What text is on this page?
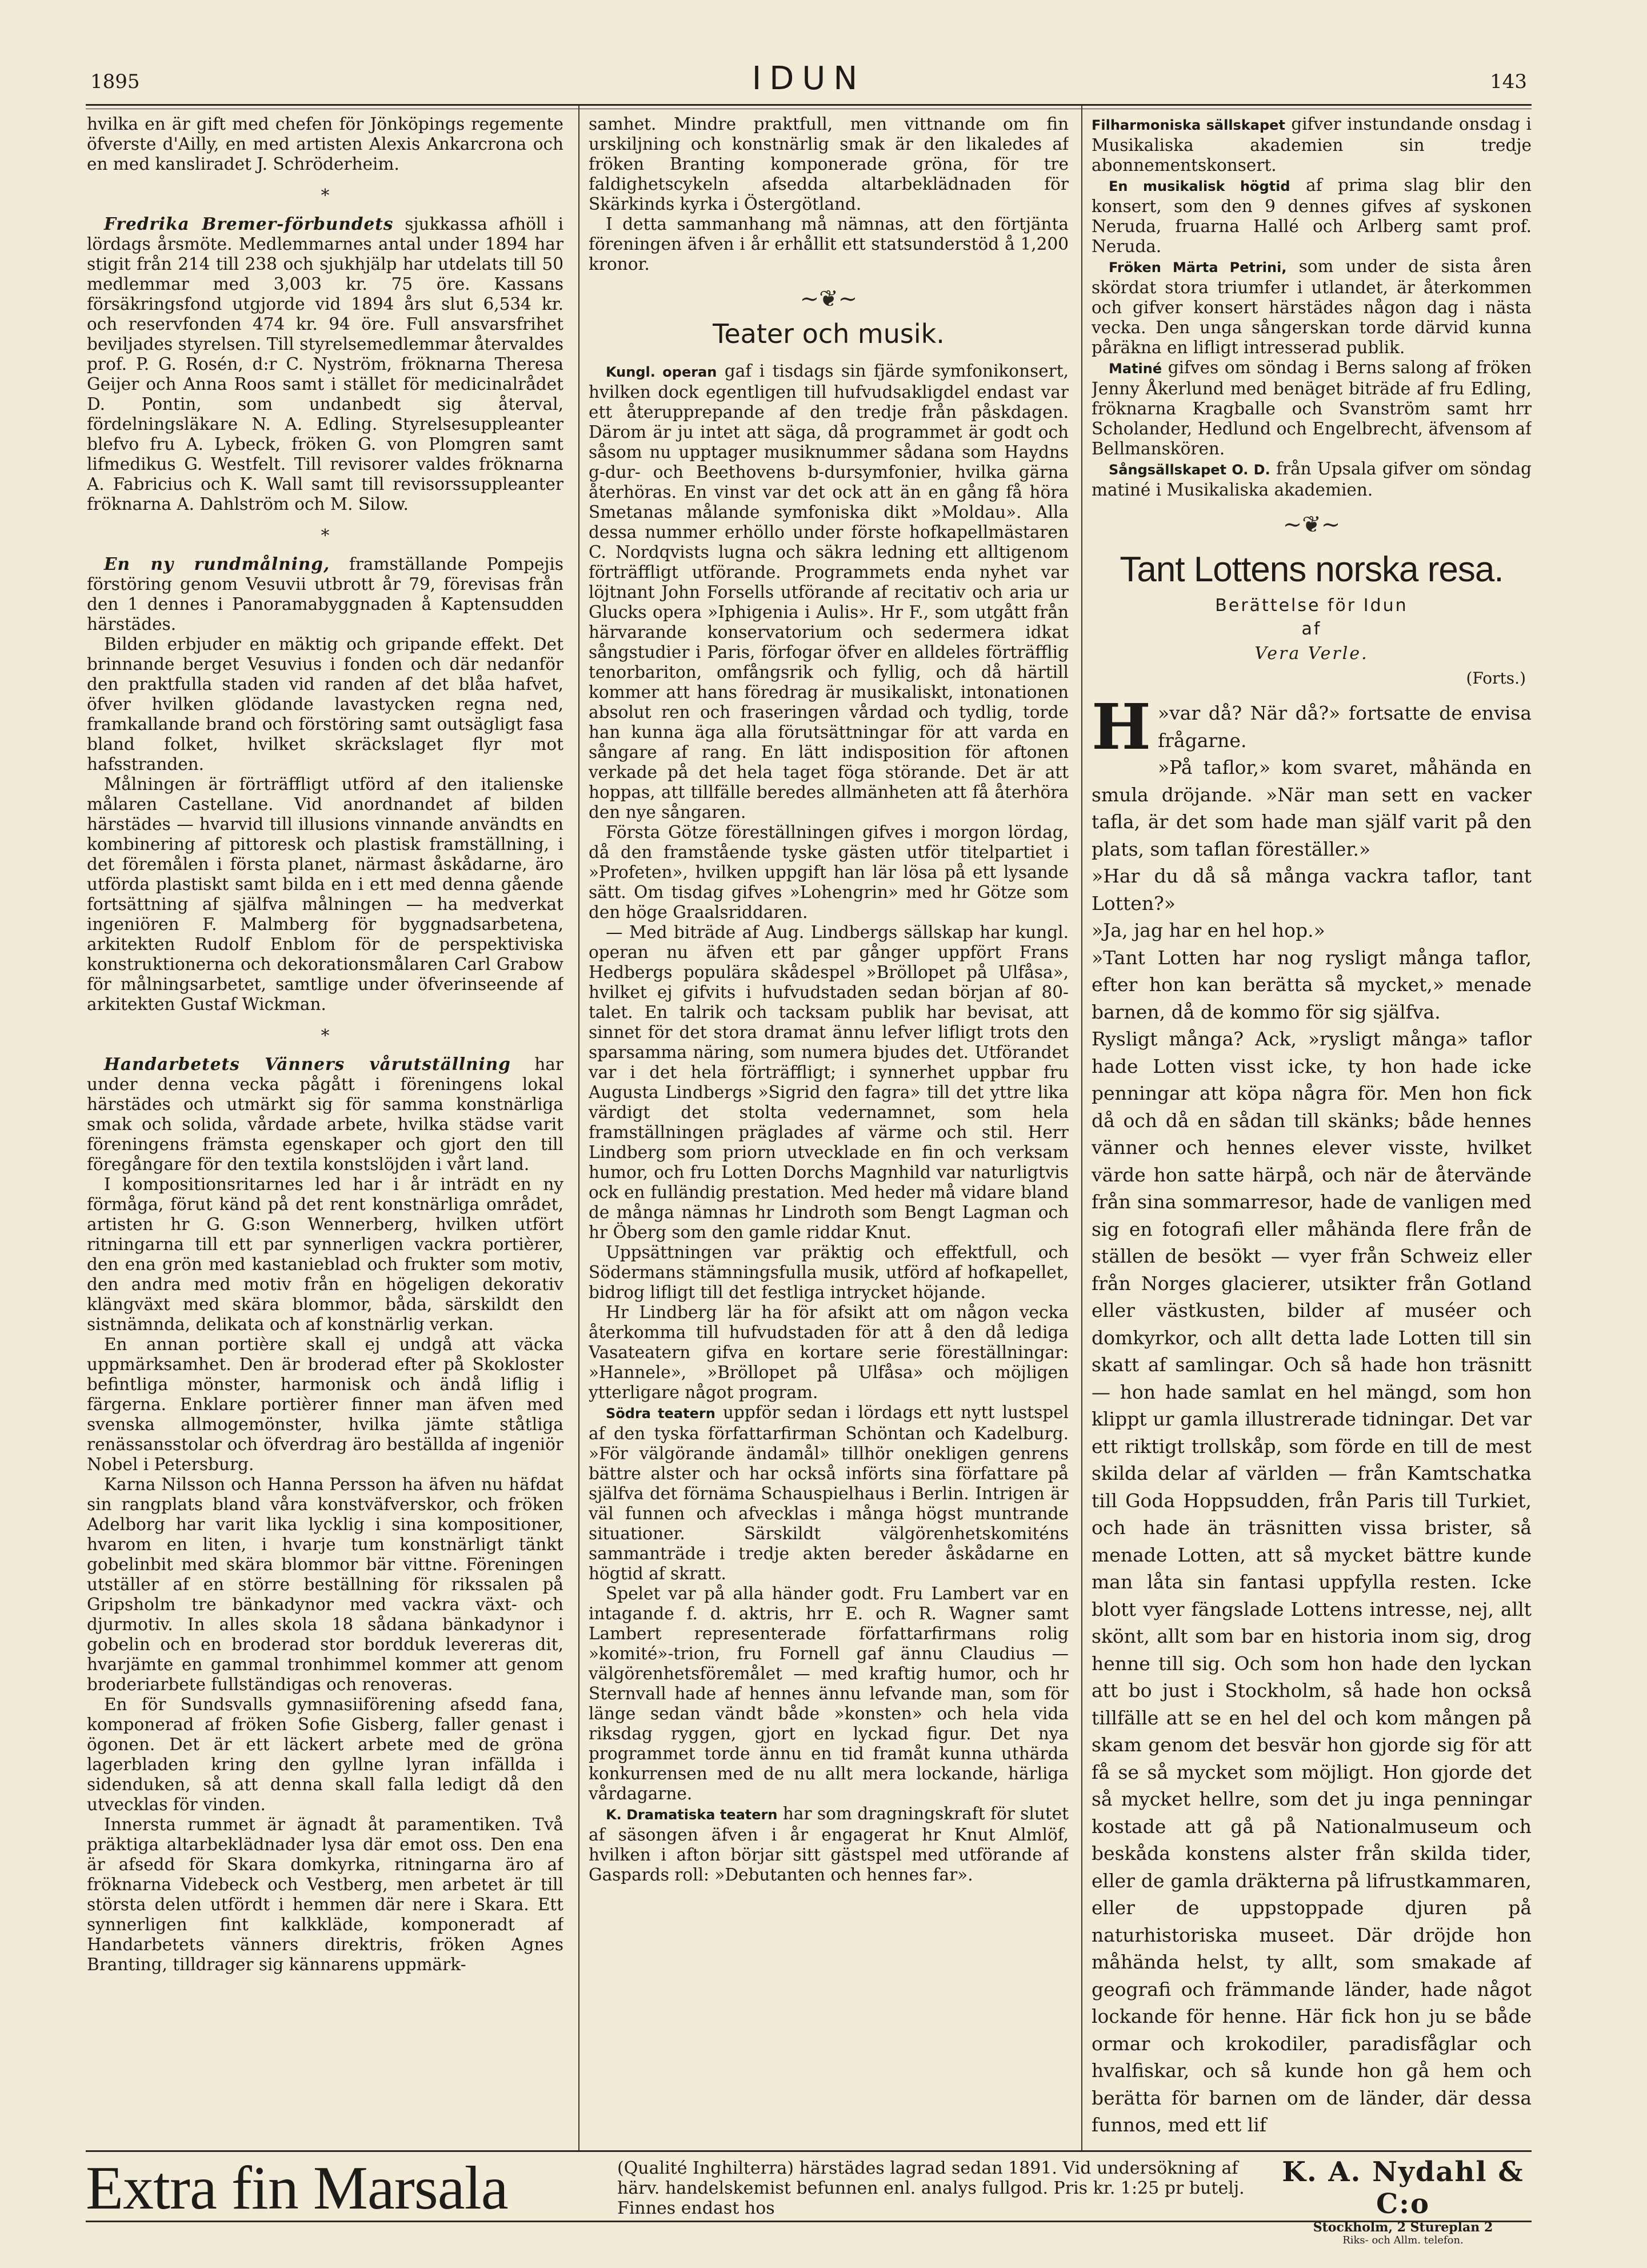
1895	IDUN	143

hvilka en är gift med chefen för Jönköpings regemente öfverste d'Ailly, en med artisten Alexis Ankarcrona och en med kansliradet J. Schröderheim.

*

Fredrika Bremer-förbundets sjukkassa afhöll i lördags årsmöte. Medlemmarnes antal under 1894 har stigit från 214 till 238 och sjukhjälp har utdelats till 50 medlemmar med 3,003 kr. 75 öre. Kassans försäkringsfond utgjorde vid 1894 års slut 6,534 kr. och reservfonden 474 kr. 94 öre. Full ansvarsfrihet beviljades styrelsen. Till styrelsemedlemmar återvaldes prof. P. G. Rosén, d:r C. Nyström, fröknarna Theresa Geijer och Anna Roos samt i stället för medicinalrådet D. Pontin, som undanbedt sig återval, fördelningsläkare N. A. Edling. Styrelsesuppleanter blefvo fru A. Lybeck, fröken G. von Plomgren samt lifmedikus G. Westfelt. Till revisorer valdes fröknarna A. Fabricius och K. Wall samt till revisorssuppleanter fröknarna A. Dahlström och M. Silow.

*

En ny rundmålning, framställande Pompejis förstöring genom Vesuvii utbrott år 79, förevisas från den 1 dennes i Panoramabyggnaden å Kaptensudden härstädes.

Bilden erbjuder en mäktig och gripande effekt. Det brinnande berget Vesuvius i fonden och där nedanför den praktfulla staden vid randen af det blåa hafvet, öfver hvilken glödande lavastycken regna ned, framkallande brand och förstöring samt outsägligt fasa bland folket, hvilket skräckslaget flyr mot hafsstranden.

Målningen är förträffligt utförd af den italienske målaren Castellane. Vid anordnandet af bilden härstädes — hvarvid till illusions vinnande användts en kombinering af pittoresk och plastisk framställning, i det föremålen i första planet, närmast åskådarne, äro utförda plastiskt samt bilda en i ett med denna gående fortsättning af själfva målningen — ha medverkat ingeniören F. Malmberg för byggnadsarbetena, arkitekten Rudolf Enblom för de perspektiviska konstruktionerna och dekorationsmålaren Carl Grabow för målningsarbetet, samtlige under öfverinseende af arkitekten Gustaf Wickman.

*

Handarbetets Vänners vårutställning har under denna vecka pågått i föreningens lokal härstädes och utmärkt sig för samma konstnärliga smak och solida, vårdade arbete, hvilka städse varit föreningens främsta egenskaper och gjort den till föregångare för den textila konstslöjden i vårt land.

I kompositionsritarnes led har i år inträdt en ny förmåga, förut känd på det rent konstnärliga området, artisten hr G. G:son Wennerberg, hvilken utfört ritningarna till ett par synnerligen vackra portièrer, den ena grön med kastanieblad och frukter som motiv, den andra med motiv från en högeligen dekorativ klängväxt med skära blommor, båda, särskildt den sistnämnda, delikata och af konstnärlig verkan.

En annan portière skall ej undgå att väcka uppmärksamhet. Den är broderad efter på Skokloster befintliga mönster, harmonisk och ändå liflig i färgerna. Enklare portièrer finner man äfven med svenska allmogemönster, hvilka jämte ståtliga renässansstolar och öfverdrag äro beställda af ingeniör Nobel i Petersburg.

Karna Nilsson och Hanna Persson ha äfven nu häfdat sin rangplats bland våra konstväfverskor, och fröken Adelborg har varit lika lycklig i sina kompositioner, hvarom en liten, i hvarje tum konstnärligt tänkt gobelinbit med skära blommor bär vittne. Föreningen utställer af en större beställning för rikssalen på Gripsholm tre bänkadynor med vackra växt- och djurmotiv. In alles skola 18 sådana bänkadynor i gobelin och en broderad stor bordduk levereras dit, hvarjämte en gammal tronhimmel kommer att genom broderiarbete fullständigas och renoveras.

En för Sundsvalls gymnasiiförening afsedd fana, komponerad af fröken Sofie Gisberg, faller genast i ögonen. Det är ett läckert arbete med de gröna lagerbladen kring den gyllne lyran infällda i sidenduken, så att denna skall falla ledigt då den utvecklas för vinden.

Innersta rummet är ägnadt åt paramentiken. Två präktiga altarbeklädnader lysa där emot oss. Den ena är afsedd för Skara domkyrka, ritningarna äro af fröknarna Videbeck och Vestberg, men arbetet är till största delen utfördt i hemmen där nere i Skara. Ett synnerligen fint kalkkläde, komponeradt af Handarbetets vänners direktris, fröken Agnes Branting, tilldrager sig kännarens uppmärk-

samhet. Mindre praktfull, men vittnande om fin urskiljning och konstnärlig smak är den likaledes af fröken Branting komponerade gröna, för tre faldighetscykeln afsedda altarbeklädnaden för Skärkinds kyrka i Östergötland.

I detta sammanhang må nämnas, att den förtjänta föreningen äfven i år erhållit ett statsunderstöd å 1,200 kronor.

~❦~
Teater och musik.

Kungl. operan gaf i tisdags sin fjärde symfonikonsert, hvilken dock egentligen till hufvudsakligdel endast var ett återupprepande af den tredje från påskdagen. Därom är ju intet att säga, då programmet är godt och såsom nu upptager musiknummer sådana som Haydns g-dur- och Beethovens b-dursymfonier, hvilka gärna återhöras. En vinst var det ock att än en gång få höra Smetanas målande symfoniska dikt »Moldau». Alla dessa nummer erhöllo under förste hofkapellmästaren C. Nordqvists lugna och säkra ledning ett alltigenom förträffligt utförande. Programmets enda nyhet var löjtnant John Forsells utförande af recitativ och aria ur Glucks opera »Iphigenia i Aulis». Hr F., som utgått från härvarande konservatorium och sedermera idkat sångstudier i Paris, förfogar öfver en alldeles förträfflig tenorbariton, omfångsrik och fyllig, och då härtill kommer att hans föredrag är musikaliskt, intonationen absolut ren och fraseringen vårdad och tydlig, torde han kunna äga alla förutsättningar för att varda en sångare af rang. En lätt indisposition för aftonen verkade på det hela taget föga störande. Det är att hoppas, att tillfälle beredes allmänheten att få återhöra den nye sångaren.

Första Götze föreställningen gifves i morgon lördag, då den framstående tyske gästen utför titelpartiet i »Profeten», hvilken uppgift han lär lösa på ett lysande sätt. Om tisdag gifves »Lohengrin» med hr Götze som den höge Graalsriddaren.

— Med biträde af Aug. Lindbergs sällskap har kungl. operan nu äfven ett par gånger uppfört Frans Hedbergs populära skådespel »Bröllopet på Ulfåsa», hvilket ej gifvits i hufvudstaden sedan början af 80-talet. En talrik och tacksam publik har bevisat, att sinnet för det stora dramat ännu lefver lifligt trots den sparsamma näring, som numera bjudes det. Utförandet var i det hela förträffligt; i synnerhet uppbar fru Augusta Lindbergs »Sigrid den fagra» till det yttre lika värdigt det stolta vedernamnet, som hela framställningen präglades af värme och stil. Herr Lindberg som priorn utvecklade en fin och verksam humor, och fru Lotten Dorchs Magnhild var naturligtvis ock en fulländig prestation. Med heder må vidare bland de många nämnas hr Lindroth som Bengt Lagman och hr Öberg som den gamle riddar Knut.

Uppsättningen var präktig och effektfull, och Södermans stämningsfulla musik, utförd af hofkapellet, bidrog lifligt till det festliga intrycket höjande.

Hr Lindberg lär ha för afsikt att om någon vecka återkomma till hufvudstaden för att å den då lediga Vasateatern gifva en kortare serie föreställningar: »Hannele», »Bröllopet på Ulfåsa» och möjligen ytterligare något program.

Södra teatern uppför sedan i lördags ett nytt lustspel af den tyska författarfirman Schöntan och Kadelburg. »För välgörande ändamål» tillhör onekligen genrens bättre alster och har också införts sina författare på själfva det förnäma Schauspielhaus i Berlin. Intrigen är väl funnen och afvecklas i många högst muntrande situationer. Särskildt välgörenhetskomiténs sammanträde i tredje akten bereder åskådarne en högtid af skratt.

Spelet var på alla händer godt. Fru Lambert var en intagande f. d. aktris, hrr E. och R. Wagner samt Lambert representerade författarfirmans rolig »komité»-trion, fru Fornell gaf ännu Claudius — välgörenhetsföremålet — med kraftig humor, och hr Sternvall hade af hennes ännu lefvande man, som för länge sedan vändt både »konsten» och hela vida riksdag ryggen, gjort en lyckad figur. Det nya programmet torde ännu en tid framåt kunna uthärda konkurrensen med de nu allt mera lockande, härliga vårdagarne.

K. Dramatiska teatern har som dragningskraft för slutet af säsongen äfven i år engagerat hr Knut Almlöf, hvilken i afton börjar sitt gästspel med utförande af Gaspards roll: »Debutanten och hennes far».

Filharmoniska sällskapet gifver instundande onsdag i Musikaliska akademien sin tredje abonnementskonsert.

En musikalisk högtid af prima slag blir den konsert, som den 9 dennes gifves af syskonen Neruda, fruarna Hallé och Arlberg samt prof. Neruda.

Fröken Märta Petrini, som under de sista åren skördat stora triumfer i utlandet, är återkommen och gifver konsert härstädes någon dag i nästa vecka. Den unga sångerskan torde därvid kunna påräkna en lifligt intresserad publik.

Matiné gifves om söndag i Berns salong af fröken Jenny Åkerlund med benäget biträde af fru Edling, fröknarna Kragballe och Svanström samt hrr Scholander, Hedlund och Engelbrecht, äfvensom af Bellmanskören.

Sångsällskapet O. D. från Upsala gifver om söndag matiné i Musikaliska akademien.

~❦~
Tant Lottens norska resa.
Berättelse för Idun
af
Vera Verle.
(Forts.)

H »var då? När då?» fortsatte de envisa frågarne.

»På taflor,» kom svaret, måhända en smula dröjande. »När man sett en vacker tafla, är det som hade man själf varit på den plats, som taflan föreställer.»

»Har du då så många vackra taflor, tant Lotten?»

»Ja, jag har en hel hop.»

»Tant Lotten har nog rysligt många taflor, efter hon kan berätta så mycket,» menade barnen, då de kommo för sig själfva.

Rysligt många? Ack, »rysligt många» taflor hade Lotten visst icke, ty hon hade icke penningar att köpa några för. Men hon fick då och då en sådan till skänks; både hennes vänner och hennes elever visste, hvilket värde hon satte härpå, och när de återvände från sina sommarresor, hade de vanligen med sig en fotografi eller måhända flere från de ställen de besökt — vyer från Schweiz eller från Norges glacierer, utsikter från Gotland eller västkusten, bilder af muséer och domkyrkor, och allt detta lade Lotten till sin skatt af samlingar. Och så hade hon träsnitt — hon hade samlat en hel mängd, som hon klippt ur gamla illustrerade tidningar. Det var ett riktigt trollskåp, som förde en till de mest skilda delar af världen — från Kamtschatka till Goda Hoppsudden, från Paris till Turkiet, och hade än träsnitten vissa brister, så menade Lotten, att så mycket bättre kunde man låta sin fantasi uppfylla resten. Icke blott vyer fängslade Lottens intresse, nej, allt skönt, allt som bar en historia inom sig, drog henne till sig. Och som hon hade den lyckan att bo just i Stockholm, så hade hon också tillfälle att se en hel del och kom mången på skam genom det besvär hon gjorde sig för att få se så mycket som möjligt. Hon gjorde det så mycket hellre, som det ju inga penningar kostade att gå på Nationalmuseum och beskåda konstens alster från skilda tider, eller de gamla dräkterna på lifrustkammaren, eller de uppstoppade djuren på naturhistoriska museet. Där dröjde hon måhända helst, ty allt, som smakade af geografi och främmande länder, hade något lockande för henne. Här fick hon ju se både ormar och krokodiler, paradisfåglar och hvalfiskar, och så kunde hon gå hem och berätta för barnen om de länder, där dessa funnos, med ett lif

Extra fin Marsala	(Qualité Inghilterra) härstädes lagrad sedan 1891. Vid undersökning af härv. handelskemist befunnen enl. analys fullgod. Pris kr. 1:25 pr butelj. Finnes endast hos
K. A. Nydahl & C:o
Stockholm, 2 Stureplan 2
Riks- och Allm. telefon.
